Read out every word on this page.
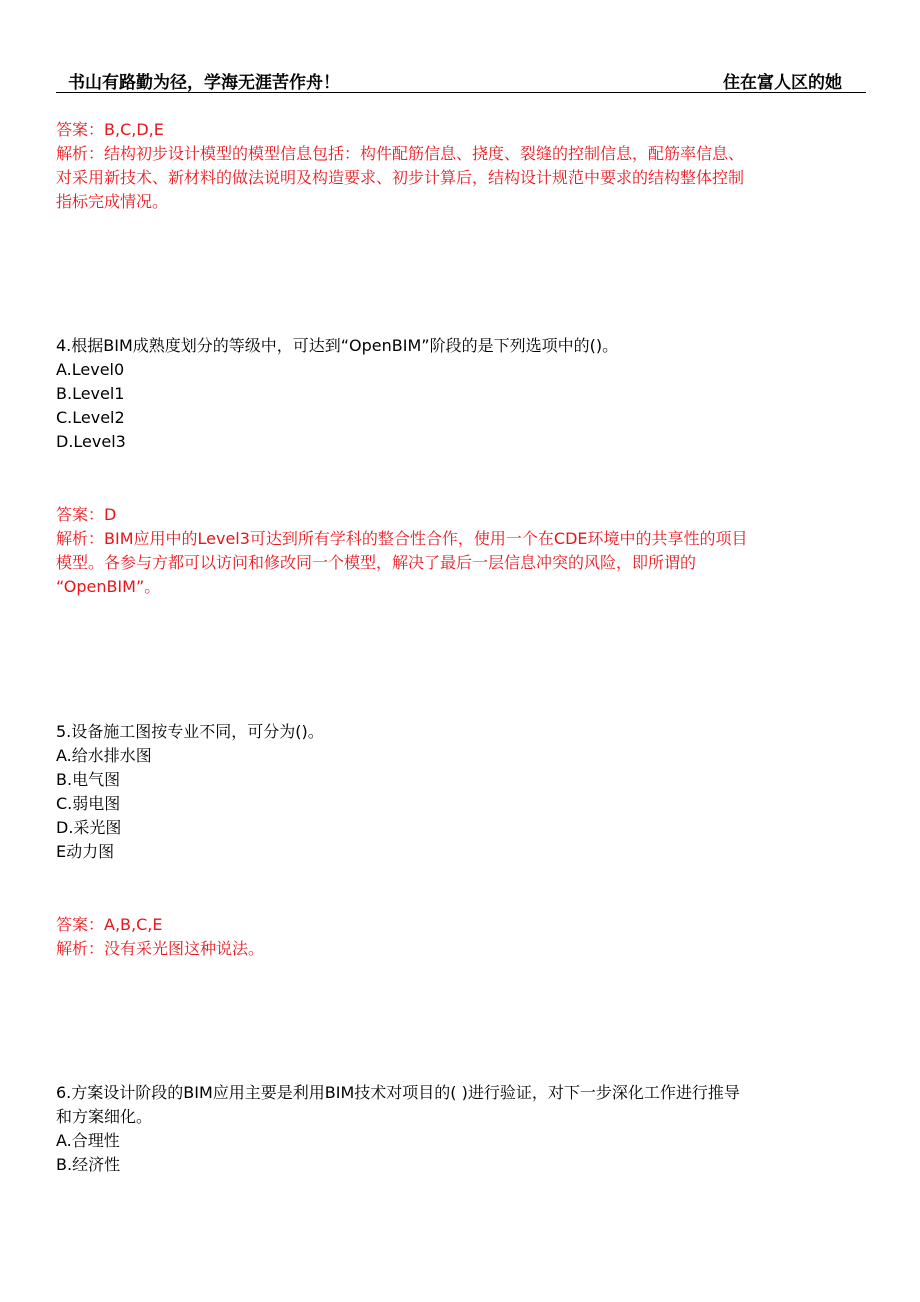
书山有路勤为径，学海无涯苦作舟！	住在富人区的她

答案：B,C,D,E

解析：结构初步设计模型的模型信息包括：构件配筋信息、挠度、裂缝的控制信息，配筋率信息、

对采用新技术、新材料的做法说明及构造要求、初步计算后，结构设计规范中要求的结构整体控制

指标完成情况。

4.根据BIM成熟度划分的等级中，可达到“OpenBIM”阶段的是下列选项中的()。

A.Level0

B.Level1

C.Level2

D.Level3

答案：D

解析：BIM应用中的Level3可达到所有学科的整合性合作，使用一个在CDE环境中的共享性的项目

模型。各参与方都可以访问和修改同一个模型，解决了最后一层信息冲突的风险，即所谓的

“OpenBIM”。

5.设备施工图按专业不同，可分为()。

A.给水排水图

B.电气图

C.弱电图

D.采光图

E动力图

答案：A,B,C,E

解析：没有采光图这种说法。

6.方案设计阶段的BIM应用主要是利用BIM技术对项目的( )进行验证，对下一步深化工作进行推导

和方案细化。

A.合理性

B.经济性
